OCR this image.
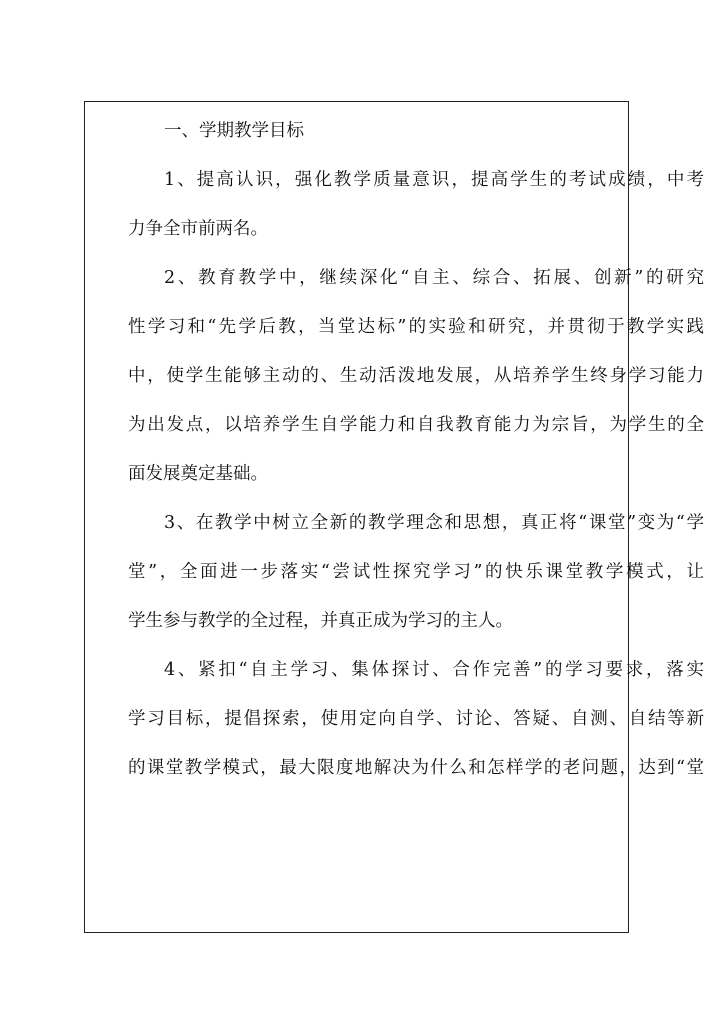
一、学期教学目标
1、提高认识，强化教学质量意识，提高学生的考试成绩，中考
力争全市前两名。
2、教育教学中，继续深化“自主、综合、拓展、创新”的研究
性学习和“先学后教，当堂达标”的实验和研究，并贯彻于教学实践
中，使学生能够主动的、生动活泼地发展，从培养学生终身学习能力
为出发点，以培养学生自学能力和自我教育能力为宗旨，为学生的全
面发展奠定基础。
3、在教学中树立全新的教学理念和思想，真正将“课堂”变为“学
堂”，全面进一步落实“尝试性探究学习”的快乐课堂教学模式，让
学生参与教学的全过程，并真正成为学习的主人。
4、紧扣“自主学习、集体探讨、合作完善”的学习要求，落实
学习目标，提倡探索，使用定向自学、讨论、答疑、自测、自结等新
的课堂教学模式，最大限度地解决为什么和怎样学的老问题，达到“堂
